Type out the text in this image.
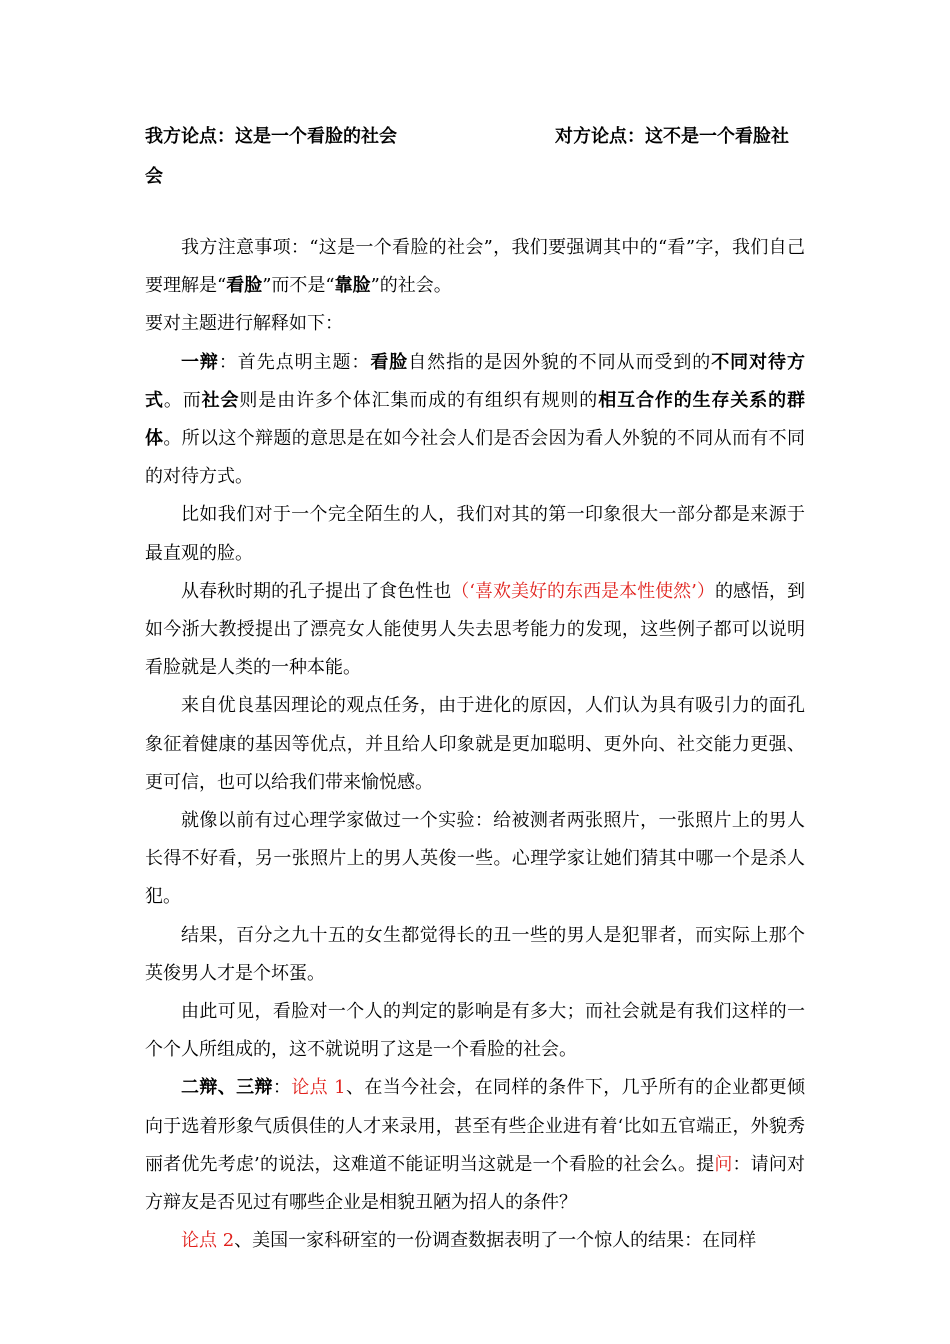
我方论点：这是一个看脸的社会	对方论点：这不是一个看脸社
会

我方注意事项：“这是一个看脸的社会”，我们要强调其中的“看”字，我们自己要理解是“看脸”而不是“靠脸”的社会。

要对主题进行解释如下：

一辩：首先点明主题：看脸自然指的是因外貌的不同从而受到的不同对待方式。而社会则是由许多个体汇集而成的有组织有规则的相互合作的生存关系的群体。所以这个辩题的意思是在如今社会人们是否会因为看人外貌的不同从而有不同的对待方式。

比如我们对于一个完全陌生的人，我们对其的第一印象很大一部分都是来源于最直观的脸。

从春秋时期的孔子提出了食色性也（‘喜欢美好的东西是本性使然’）的感悟，到如今浙大教授提出了漂亮女人能使男人失去思考能力的发现，这些例子都可以说明看脸就是人类的一种本能。

来自优良基因理论的观点任务，由于进化的原因，人们认为具有吸引力的面孔象征着健康的基因等优点，并且给人印象就是更加聪明、更外向、社交能力更强、更可信，也可以给我们带来愉悦感。

就像以前有过心理学家做过一个实验：给被测者两张照片，一张照片上的男人长得不好看，另一张照片上的男人英俊一些。心理学家让她们猜其中哪一个是杀人犯。

结果，百分之九十五的女生都觉得长的丑一些的男人是犯罪者，而实际上那个英俊男人才是个坏蛋。

由此可见，看脸对一个人的判定的影响是有多大；而社会就是有我们这样的一个个人所组成的，这不就说明了这是一个看脸的社会。

二辩、三辩：论点 1、在当今社会，在同样的条件下，几乎所有的企业都更倾向于选着形象气质俱佳的人才来录用，甚至有些企业进有着‘比如五官端正，外貌秀丽者优先考虑’的说法，这难道不能证明当这就是一个看脸的社会么。提问：请问对方辩友是否见过有哪些企业是相貌丑陋为招人的条件？

论点 2、美国一家科研室的一份调查数据表明了一个惊人的结果：在同样
